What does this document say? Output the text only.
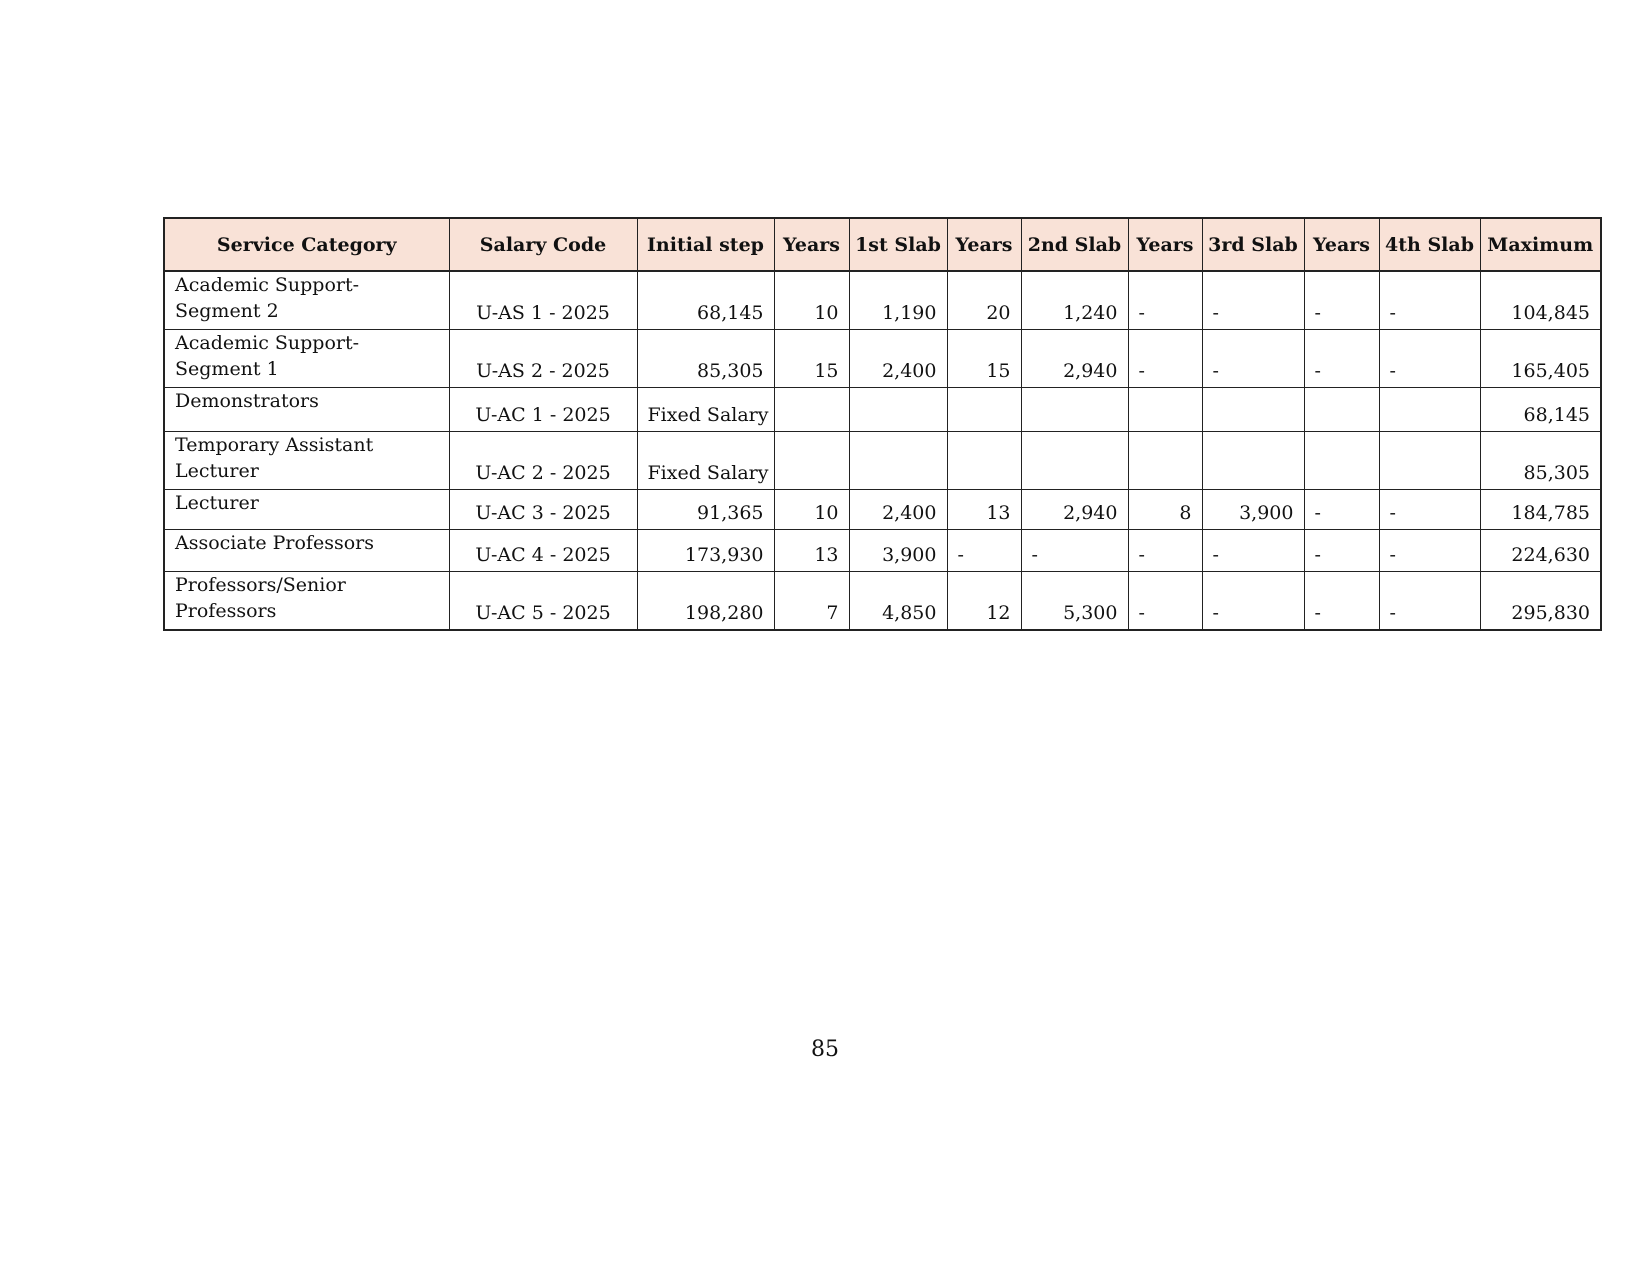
Service Category	Salary Code	Initial step	Years	1st Slab	Years	2nd Slab	Years	3rd Slab	Years	4th Slab	Maximum
Academic Support-
Segment 2	U-AS 1 - 2025	68,145	10	1,190	20	1,240	-	-	-	-	104,845
Academic Support-
Segment 1	U-AS 2 - 2025	85,305	15	2,400	15	2,940	-	-	-	-	165,405
Demonstrators	U-AC 1 - 2025	Fixed Salary									68,145
Temporary Assistant
Lecturer	U-AC 2 - 2025	Fixed Salary									85,305
Lecturer	U-AC 3 - 2025	91,365	10	2,400	13	2,940	8	3,900	-	-	184,785
Associate Professors	U-AC 4 - 2025	173,930	13	3,900	-	-	-	-	-	-	224,630
Professors/Senior
Professors	U-AC 5 - 2025	198,280	7	4,850	12	5,300	-	-	-	-	295,830
85
